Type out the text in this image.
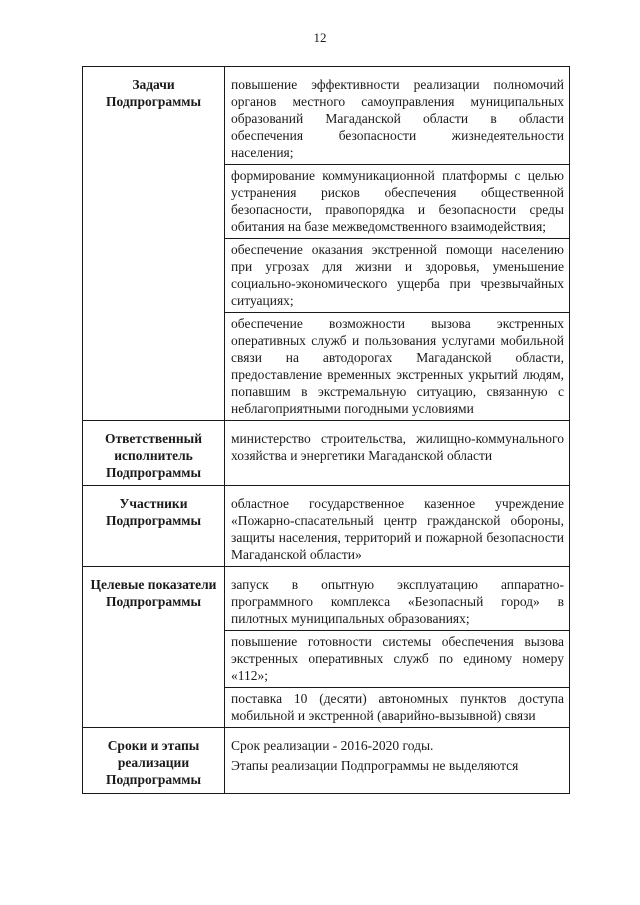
12
Задачи Подпрограммы	повышение эффективности реализации полномочий органов местного самоуправления муниципальных образований Магаданской области в области обеспечения безопасности жизнедеятельности населения;
формирование коммуникационной платформы с целью устранения рисков обеспечения общественной безопасности, правопорядка и безопасности среды обитания на базе межведомственного взаимодействия;
обеспечение оказания экстренной помощи населению при угрозах для жизни и здоровья, уменьшение социально-экономического ущерба при чрезвычайных ситуациях;
обеспечение возможности вызова экстренных оперативных служб и пользования услугами мобильной связи на автодорогах Магаданской области, предоставление временных экстренных укрытий людям, попавшим в экстремальную ситуацию, связанную с неблагоприятными погодными условиями

Ответственный исполнитель Подпрограммы	министерство строительства, жилищно-коммунального хозяйства и энергетики Магаданской области

Участники Подпрограммы	областное государственное казенное учреждение «Пожарно-спасательный центр гражданской обороны, защиты населения, территорий и пожарной безопасности Магаданской области»

Целевые показатели Подпрограммы	запуск в опытную эксплуатацию аппаратно-программного комплекса «Безопасный город» в пилотных муниципальных образованиях;
повышение готовности системы обеспечения вызова экстренных оперативных служб по единому номеру «112»;
поставка 10 (десяти) автономных пунктов доступа мобильной и экстренной (аварийно-вызывной) связи

Сроки и этапы реализации Подпрограммы	Срок реализации - 2016-2020 годы.
Этапы реализации Подпрограммы не выделяются
